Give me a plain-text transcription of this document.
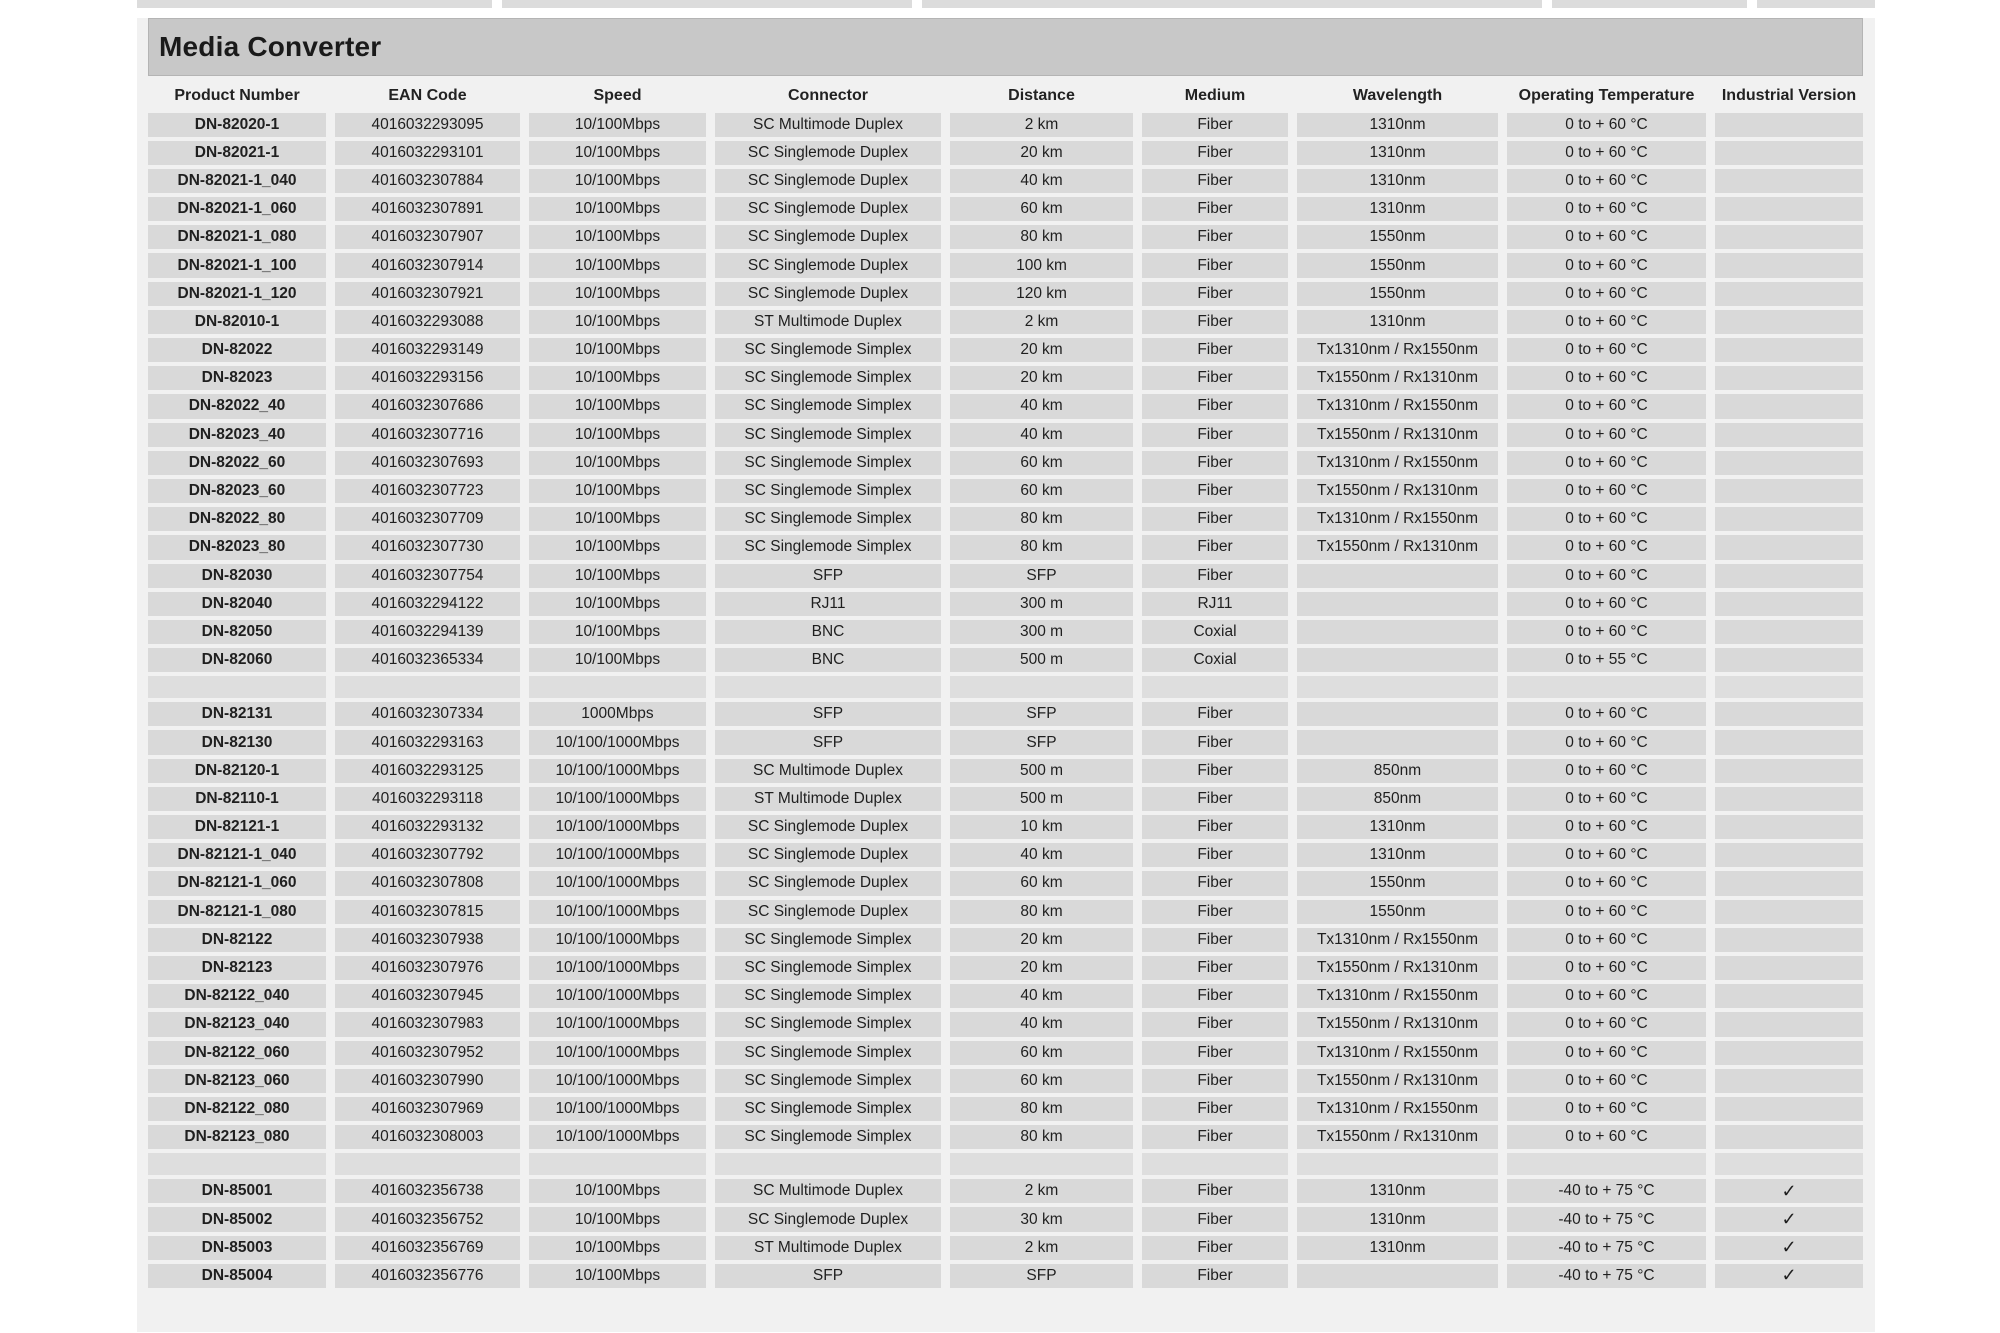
Media Converter
Product Number	EAN Code	Speed	Connector	Distance	Medium	Wavelength	Operating Temperature	Industrial Version
DN-82020-1	4016032293095	10/100Mbps	SC Multimode Duplex	2 km	Fiber	1310nm	0 to + 60 °C	
DN-82021-1	4016032293101	10/100Mbps	SC Singlemode Duplex	20 km	Fiber	1310nm	0 to + 60 °C	
DN-82021-1_040	4016032307884	10/100Mbps	SC Singlemode Duplex	40 km	Fiber	1310nm	0 to + 60 °C	
DN-82021-1_060	4016032307891	10/100Mbps	SC Singlemode Duplex	60 km	Fiber	1310nm	0 to + 60 °C	
DN-82021-1_080	4016032307907	10/100Mbps	SC Singlemode Duplex	80 km	Fiber	1550nm	0 to + 60 °C	
DN-82021-1_100	4016032307914	10/100Mbps	SC Singlemode Duplex	100 km	Fiber	1550nm	0 to + 60 °C	
DN-82021-1_120	4016032307921	10/100Mbps	SC Singlemode Duplex	120 km	Fiber	1550nm	0 to + 60 °C	
DN-82010-1	4016032293088	10/100Mbps	ST Multimode Duplex	2 km	Fiber	1310nm	0 to + 60 °C	
DN-82022	4016032293149	10/100Mbps	SC Singlemode Simplex	20 km	Fiber	Tx1310nm / Rx1550nm	0 to + 60 °C	
DN-82023	4016032293156	10/100Mbps	SC Singlemode Simplex	20 km	Fiber	Tx1550nm / Rx1310nm	0 to + 60 °C	
DN-82022_40	4016032307686	10/100Mbps	SC Singlemode Simplex	40 km	Fiber	Tx1310nm / Rx1550nm	0 to + 60 °C	
DN-82023_40	4016032307716	10/100Mbps	SC Singlemode Simplex	40 km	Fiber	Tx1550nm / Rx1310nm	0 to + 60 °C	
DN-82022_60	4016032307693	10/100Mbps	SC Singlemode Simplex	60 km	Fiber	Tx1310nm / Rx1550nm	0 to + 60 °C	
DN-82023_60	4016032307723	10/100Mbps	SC Singlemode Simplex	60 km	Fiber	Tx1550nm / Rx1310nm	0 to + 60 °C	
DN-82022_80	4016032307709	10/100Mbps	SC Singlemode Simplex	80 km	Fiber	Tx1310nm / Rx1550nm	0 to + 60 °C	
DN-82023_80	4016032307730	10/100Mbps	SC Singlemode Simplex	80 km	Fiber	Tx1550nm / Rx1310nm	0 to + 60 °C	
DN-82030	4016032307754	10/100Mbps	SFP	SFP	Fiber		0 to + 60 °C	
DN-82040	4016032294122	10/100Mbps	RJ11	300 m	RJ11		0 to + 60 °C	
DN-82050	4016032294139	10/100Mbps	BNC	300 m	Coxial		0 to + 60 °C	
DN-82060	4016032365334	10/100Mbps	BNC	500 m	Coxial		0 to + 55 °C	

DN-82131	4016032307334	1000Mbps	SFP	SFP	Fiber		0 to + 60 °C	
DN-82130	4016032293163	10/100/1000Mbps	SFP	SFP	Fiber		0 to + 60 °C	
DN-82120-1	4016032293125	10/100/1000Mbps	SC Multimode Duplex	500 m	Fiber	850nm	0 to + 60 °C	
DN-82110-1	4016032293118	10/100/1000Mbps	ST Multimode Duplex	500 m	Fiber	850nm	0 to + 60 °C	
DN-82121-1	4016032293132	10/100/1000Mbps	SC Singlemode Duplex	10 km	Fiber	1310nm	0 to + 60 °C	
DN-82121-1_040	4016032307792	10/100/1000Mbps	SC Singlemode Duplex	40 km	Fiber	1310nm	0 to + 60 °C	
DN-82121-1_060	4016032307808	10/100/1000Mbps	SC Singlemode Duplex	60 km	Fiber	1550nm	0 to + 60 °C	
DN-82121-1_080	4016032307815	10/100/1000Mbps	SC Singlemode Duplex	80 km	Fiber	1550nm	0 to + 60 °C	
DN-82122	4016032307938	10/100/1000Mbps	SC Singlemode Simplex	20 km	Fiber	Tx1310nm / Rx1550nm	0 to + 60 °C	
DN-82123	4016032307976	10/100/1000Mbps	SC Singlemode Simplex	20 km	Fiber	Tx1550nm / Rx1310nm	0 to + 60 °C	
DN-82122_040	4016032307945	10/100/1000Mbps	SC Singlemode Simplex	40 km	Fiber	Tx1310nm / Rx1550nm	0 to + 60 °C	
DN-82123_040	4016032307983	10/100/1000Mbps	SC Singlemode Simplex	40 km	Fiber	Tx1550nm / Rx1310nm	0 to + 60 °C	
DN-82122_060	4016032307952	10/100/1000Mbps	SC Singlemode Simplex	60 km	Fiber	Tx1310nm / Rx1550nm	0 to + 60 °C	
DN-82123_060	4016032307990	10/100/1000Mbps	SC Singlemode Simplex	60 km	Fiber	Tx1550nm / Rx1310nm	0 to + 60 °C	
DN-82122_080	4016032307969	10/100/1000Mbps	SC Singlemode Simplex	80 km	Fiber	Tx1310nm / Rx1550nm	0 to + 60 °C	
DN-82123_080	4016032308003	10/100/1000Mbps	SC Singlemode Simplex	80 km	Fiber	Tx1550nm / Rx1310nm	0 to + 60 °C	

DN-85001	4016032356738	10/100Mbps	SC Multimode Duplex	2 km	Fiber	1310nm	-40 to + 75 °C	✓
DN-85002	4016032356752	10/100Mbps	SC Singlemode Duplex	30 km	Fiber	1310nm	-40 to + 75 °C	✓
DN-85003	4016032356769	10/100Mbps	ST Multimode Duplex	2 km	Fiber	1310nm	-40 to + 75 °C	✓
DN-85004	4016032356776	10/100Mbps	SFP	SFP	Fiber		-40 to + 75 °C	✓
